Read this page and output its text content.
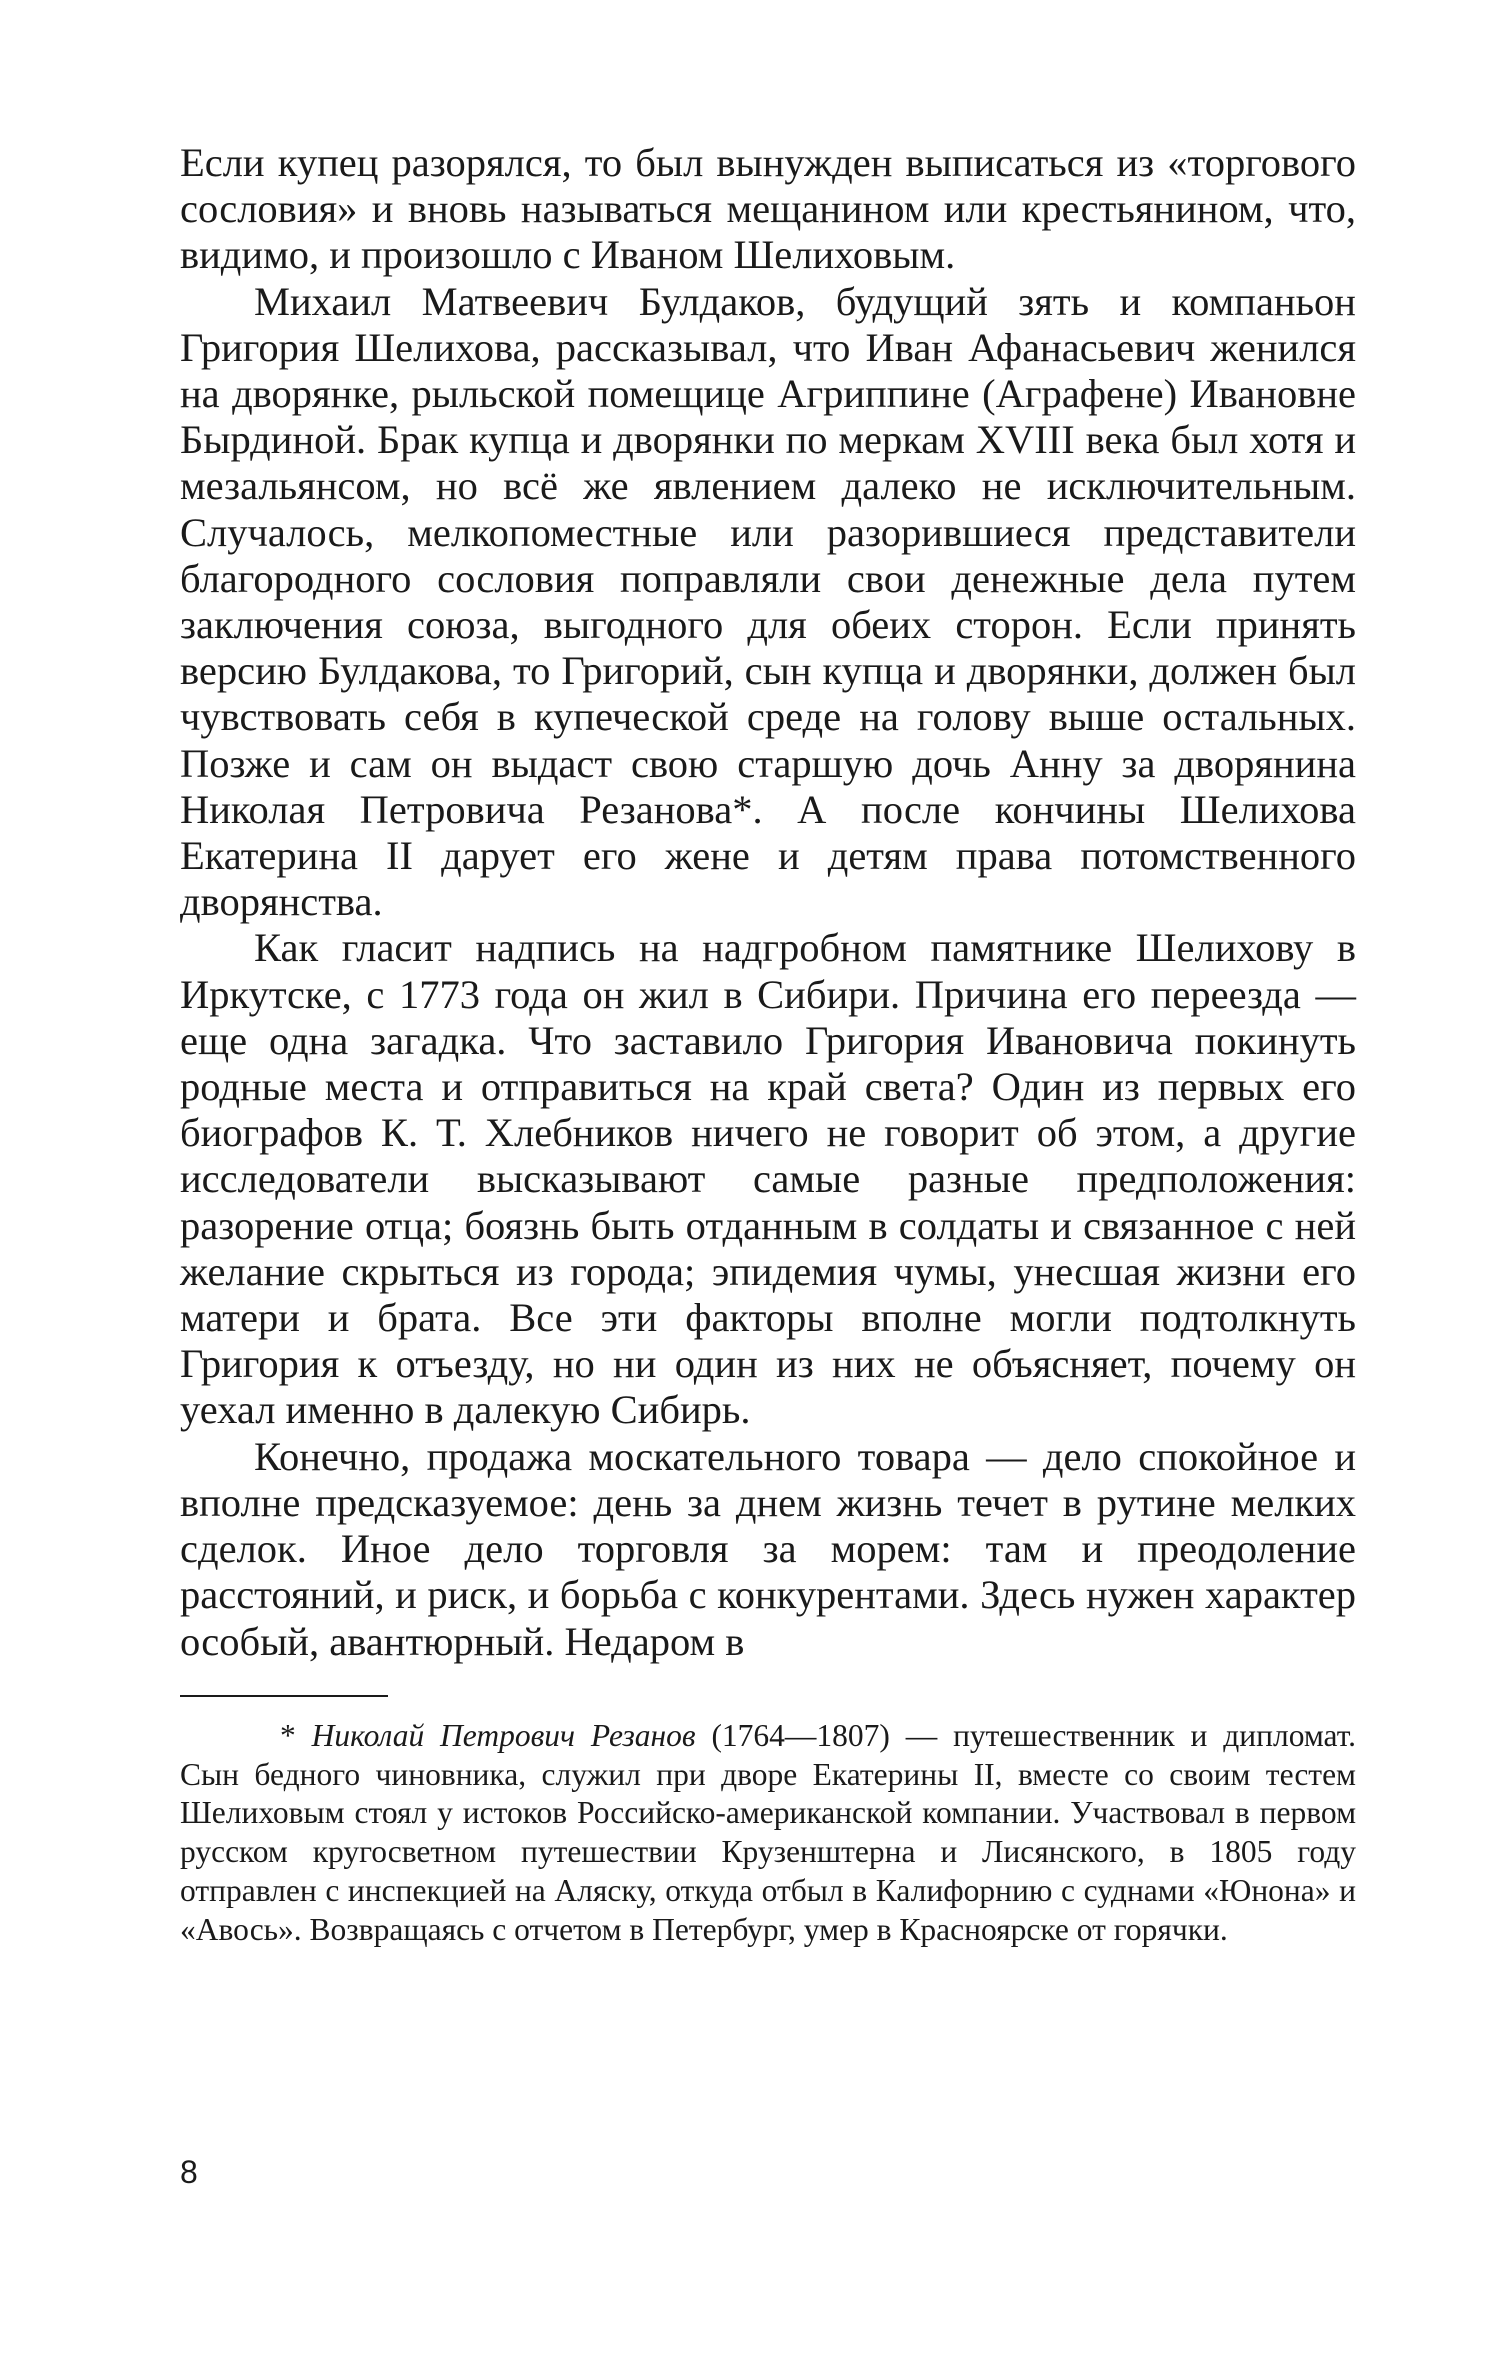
Если купец разорялся, то был вынужден выписаться из «торгового сословия» и вновь называться мещанином или крестьянином, что, видимо, и произошло с Иваном Шелиховым.

Михаил Матвеевич Булдаков, будущий зять и компаньон Григория Шелихова, рассказывал, что Иван Афанасьевич женился на дворянке, рыльской помещице Агриппине (Аграфене) Ивановне Бырдиной. Брак купца и дворянки по меркам XVIII века был хотя и мезальянсом, но всё же явлением далеко не исключительным. Случалось, мелкопоместные или разорившиеся представители благородного сословия поправляли свои денежные дела путем заключения союза, выгодного для обеих сторон. Если принять версию Булдакова, то Григорий, сын купца и дворянки, должен был чувствовать себя в купеческой среде на голову выше остальных. Позже и сам он выдаст свою старшую дочь Анну за дворянина Николая Петровича Резанова*. А после кончины Шелихова Екатерина II дарует его жене и детям права потомственного дворянства.

Как гласит надпись на надгробном памятнике Шелихову в Иркутске, с 1773 года он жил в Сибири. Причина его переезда — еще одна загадка. Что заставило Григория Ивановича покинуть родные места и отправиться на край света? Один из первых его биографов К. Т. Хлебников ничего не говорит об этом, а другие исследователи высказывают самые разные предположения: разорение отца; боязнь быть отданным в солдаты и связанное с ней желание скрыться из города; эпидемия чумы, унесшая жизни его матери и брата. Все эти факторы вполне могли подтолкнуть Григория к отъезду, но ни один из них не объясняет, почему он уехал именно в далекую Сибирь.

Конечно, продажа москательного товара — дело спокойное и вполне предсказуемое: день за днем жизнь течет в рутине мелких сделок. Иное дело торговля за морем: там и преодоление расстояний, и риск, и борьба с конкурентами. Здесь нужен характер особый, авантюрный. Недаром в

* Николай Петрович Резанов (1764—1807) — путешественник и дипломат. Сын бедного чиновника, служил при дворе Екатерины II, вместе со своим тестем Шелиховым стоял у истоков Российско-американской компании. Участвовал в первом русском кругосветном путешествии Крузенштерна и Лисянского, в 1805 году отправлен с инспекцией на Аляску, откуда отбыл в Калифорнию с суднами «Юнона» и «Авось». Возвращаясь с отчетом в Петербург, умер в Красноярске от горячки.

8
